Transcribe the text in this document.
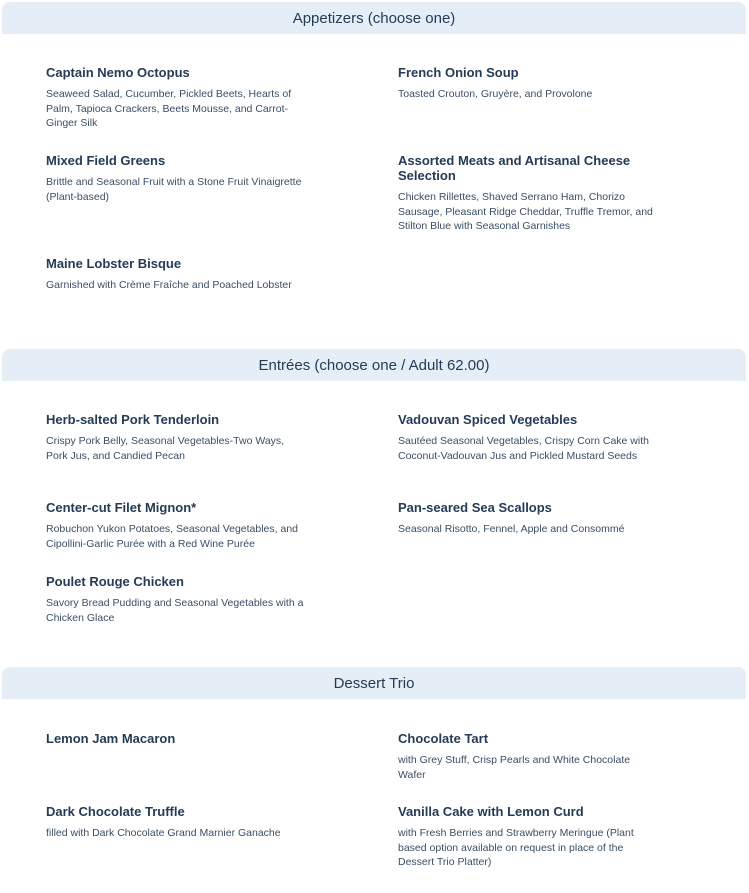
Appetizers (choose one)
Captain Nemo Octopus
Seaweed Salad, Cucumber, Pickled Beets, Hearts of Palm, Tapioca Crackers, Beets Mousse, and Carrot-Ginger Silk
French Onion Soup
Toasted Crouton, Gruyère, and Provolone
Mixed Field Greens
Brittle and Seasonal Fruit with a Stone Fruit Vinaigrette (Plant-based)
Assorted Meats and Artisanal Cheese Selection
Chicken Rillettes, Shaved Serrano Ham, Chorizo Sausage, Pleasant Ridge Cheddar, Truffle Tremor, and Stilton Blue with Seasonal Garnishes
Maine Lobster Bisque
Garnished with Crème Fraîche and Poached Lobster
Entrées (choose one / Adult 62.00)
Herb-salted Pork Tenderloin
Crispy Pork Belly, Seasonal Vegetables-Two Ways, Pork Jus, and Candied Pecan
Vadouvan Spiced Vegetables
Sautéed Seasonal Vegetables, Crispy Corn Cake with Coconut-Vadouvan Jus and Pickled Mustard Seeds
Center-cut Filet Mignon*
Robuchon Yukon Potatoes, Seasonal Vegetables, and Cipollini-Garlic Purée with a Red Wine Purée
Pan-seared Sea Scallops
Seasonal Risotto, Fennel, Apple and Consommé
Poulet Rouge Chicken
Savory Bread Pudding and Seasonal Vegetables with a Chicken Glace
Dessert Trio
Lemon Jam Macaron	Chocolate Tart
with Grey Stuff, Crisp Pearls and White Chocolate Wafer
Dark Chocolate Truffle
filled with Dark Chocolate Grand Marnier Ganache
Vanilla Cake with Lemon Curd
with Fresh Berries and Strawberry Meringue (Plant based option available on request in place of the Dessert Trio Platter)
